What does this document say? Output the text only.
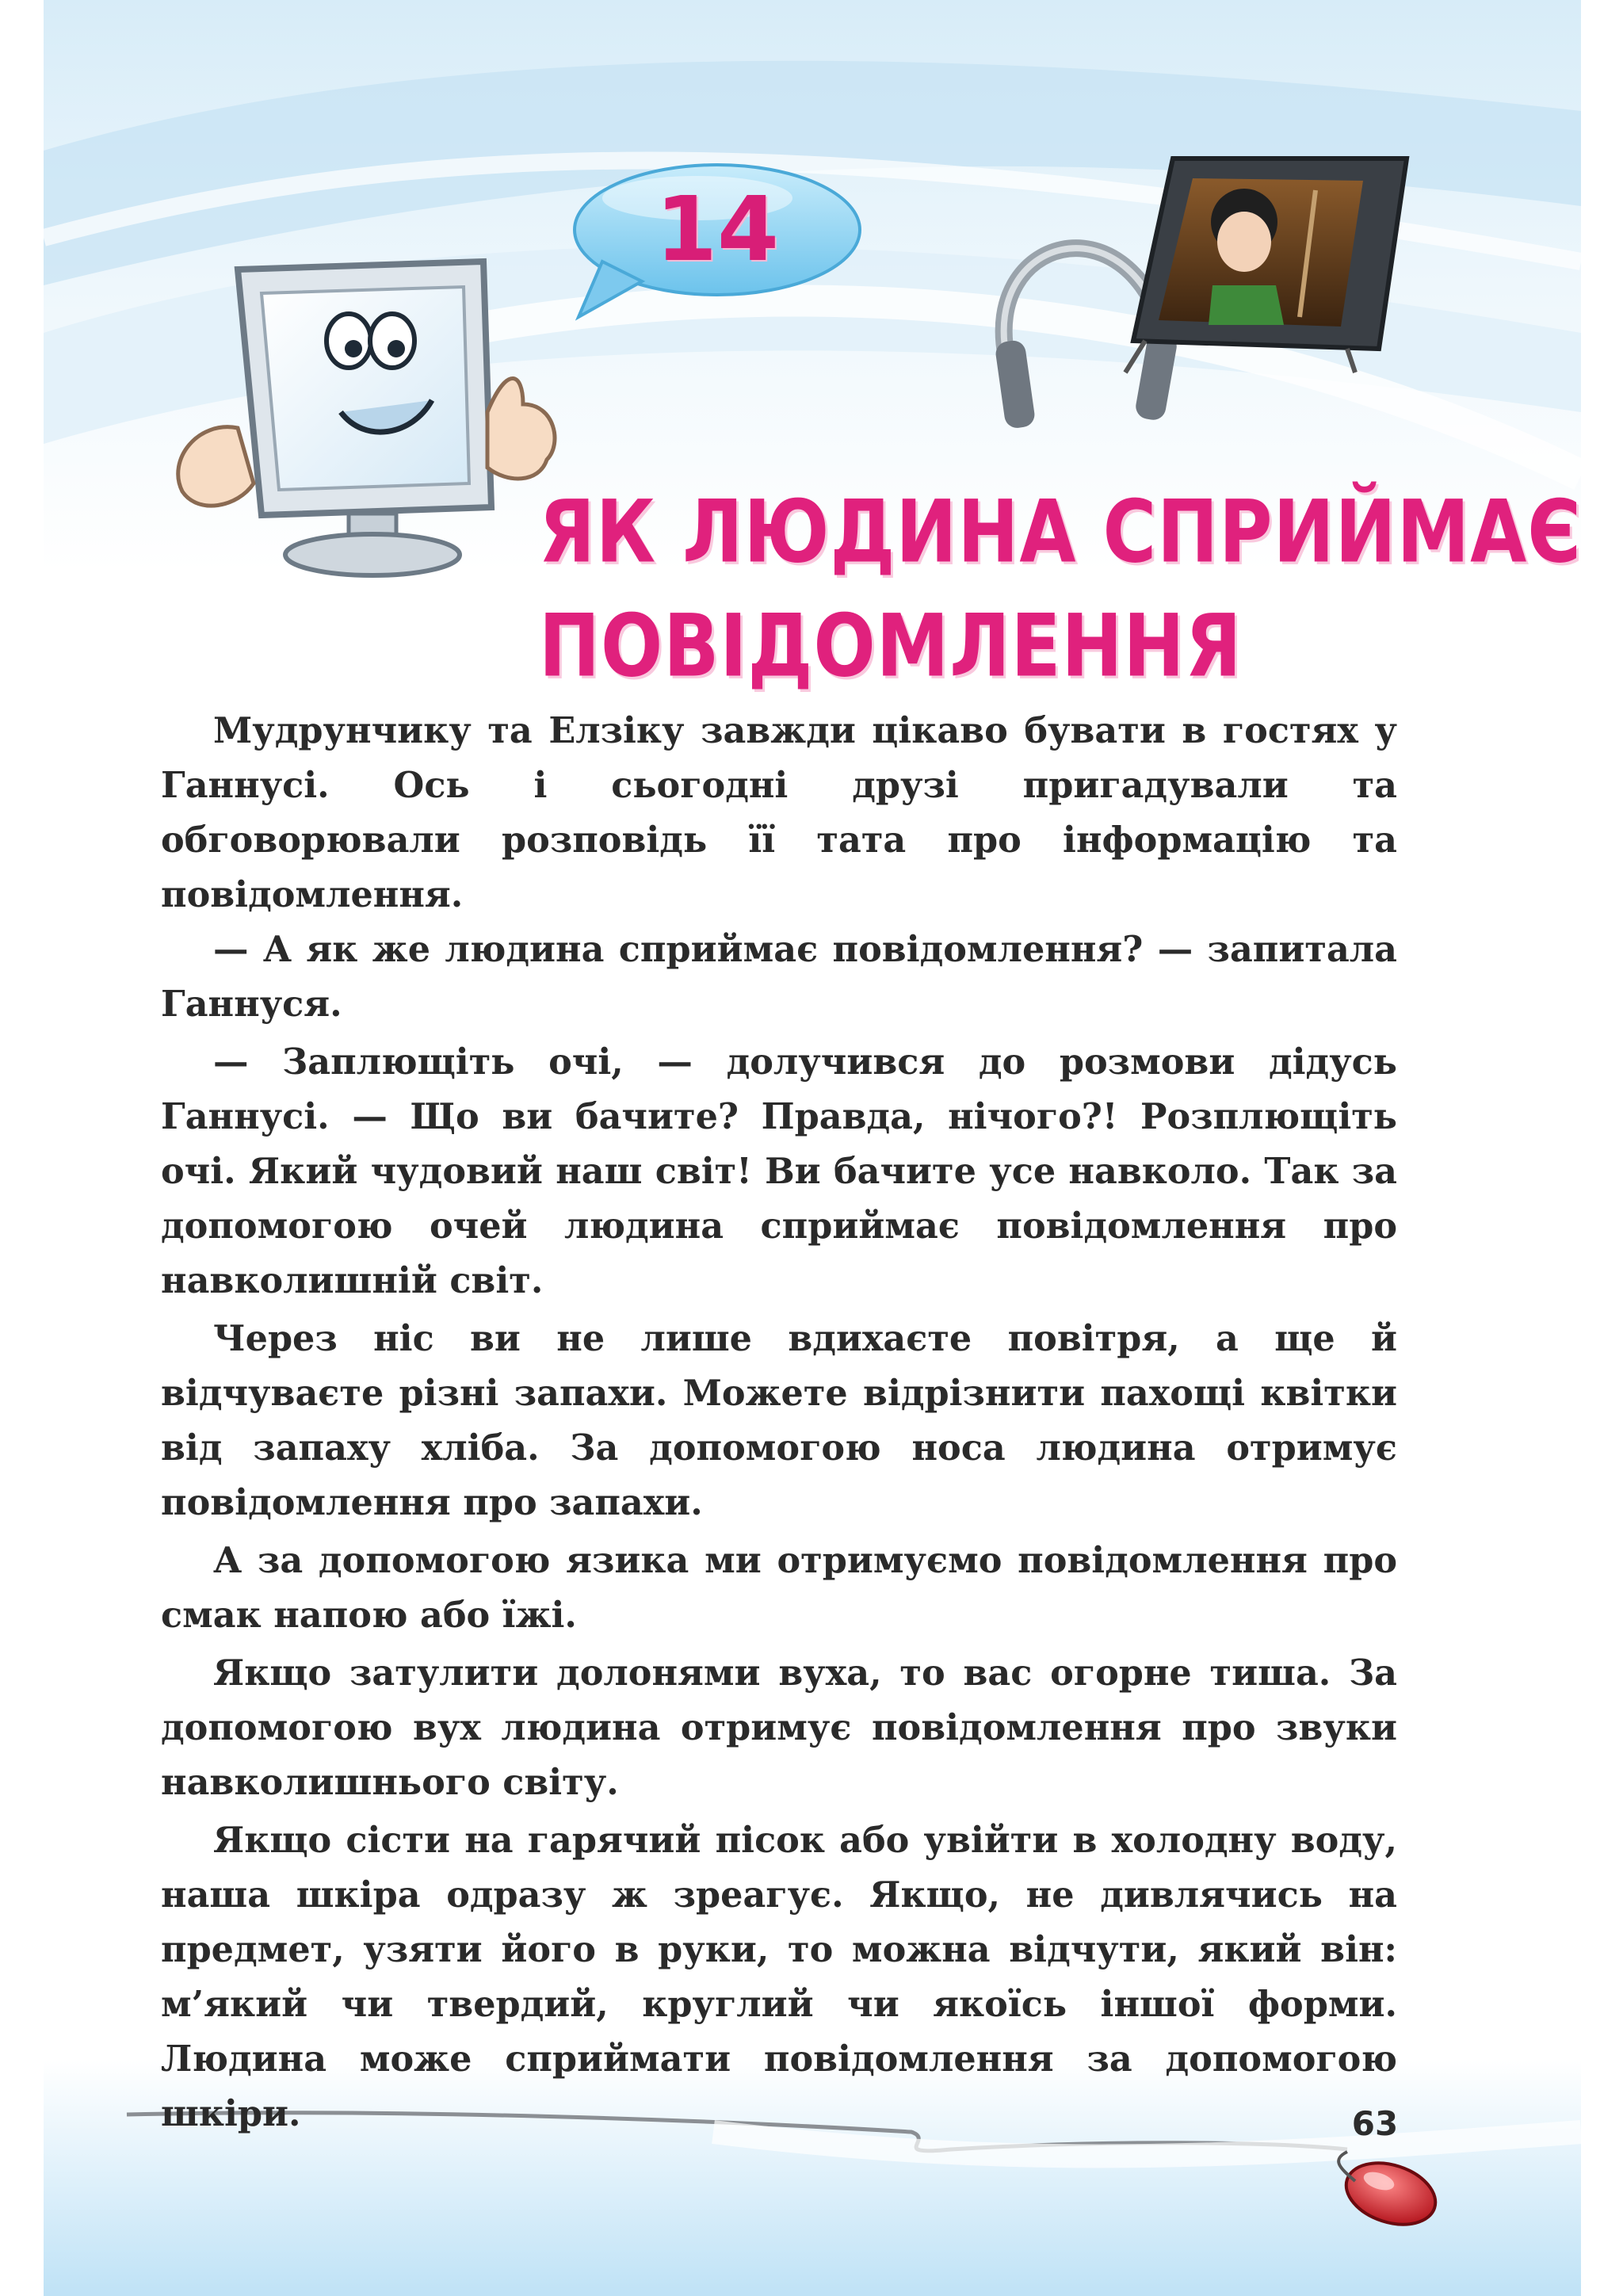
14
ЯК ЛЮДИНА СПРИЙМАЄ
ПОВІДОМЛЕННЯ

Мудрунчику та Елзіку завжди цікаво бувати в гостях у Ганнусі. Ось і сьогодні друзі пригадували та обговорювали розповідь її тата про інформацію та повідомлення.

— А як же людина сприймає повідомлення? — запитала Ганнуся.

— Заплющіть очі, — долучився до розмови дідусь Ганнусі. — Що ви бачите? Правда, нічого?! Розплющіть очі. Який чудовий наш світ! Ви бачите усе навколо. Так за допомогою очей людина сприймає повідомлення про навколишній світ.

Через ніс ви не лише вдихаєте повітря, а ще й відчуваєте різні запахи. Можете відрізнити пахощі квітки від запаху хліба. За допомогою носа людина отримує повідомлення про запахи.

А за допомогою язика ми отримуємо повідомлення про смак напою або їжі.

Якщо затулити долонями вуха, то вас огорне тиша. За допомогою вух людина отримує повідомлення про звуки навколишнього світу.

Якщо сісти на гарячий пісок або увійти в холодну воду, наша шкіра одразу ж зреагує. Якщо, не дивлячись на предмет, узяти його в руки, то можна відчути, який він: м’який чи твердий, круглий чи якоїсь іншої форми. Людина може сприймати повідомлення за допомогою шкіри.	63
